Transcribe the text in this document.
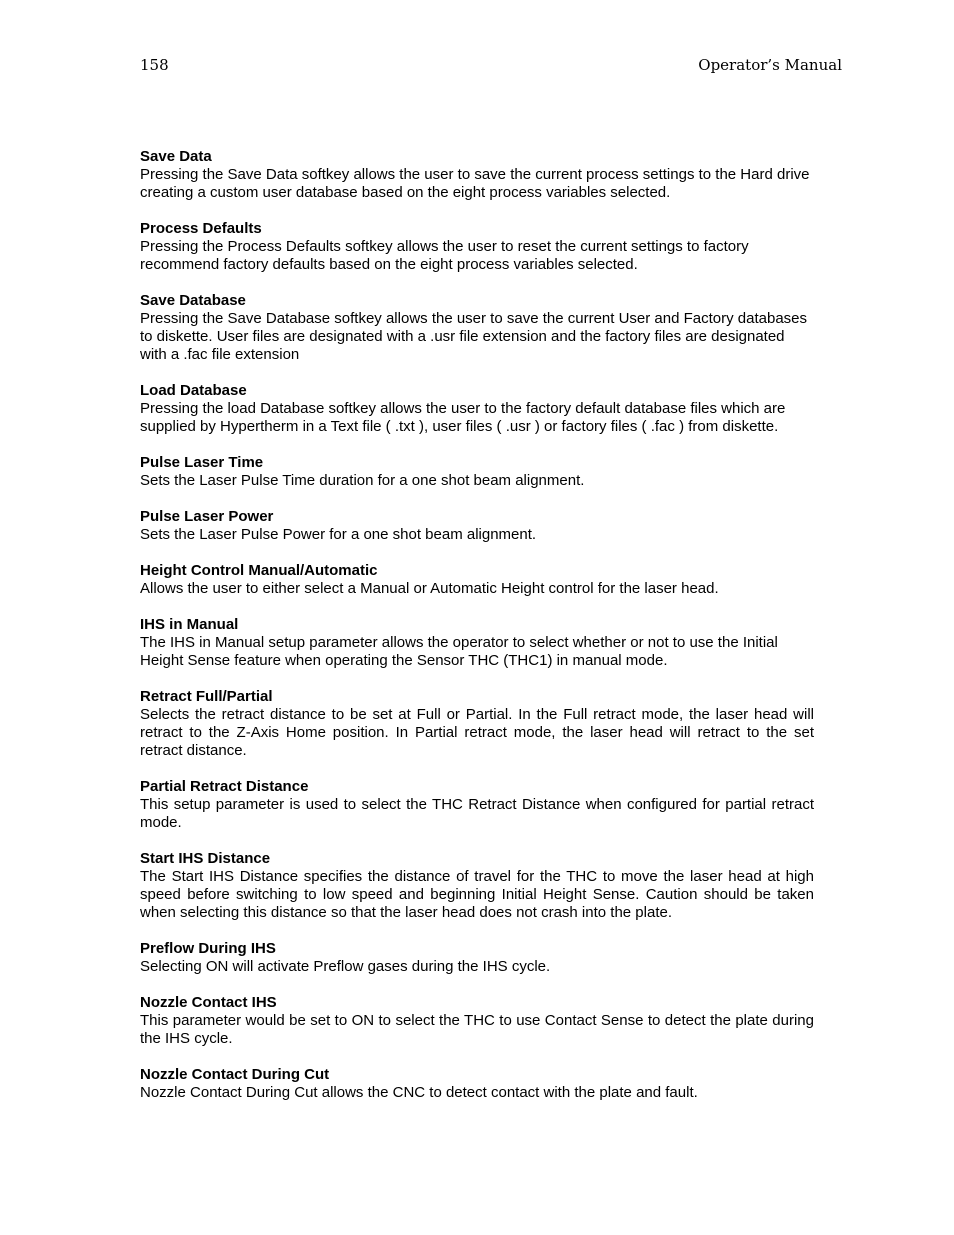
158	Operator’s Manual

Save Data

Pressing the Save Data softkey allows the user to save the current process settings to the Hard drive creating a custom user database based on the eight process variables selected.

Process Defaults

Pressing the Process Defaults softkey allows the user to reset the current settings to factory recommend factory defaults based on the eight process variables selected.

Save Database

Pressing the Save Database softkey allows the user to save the current User and Factory databases to diskette. User files are designated with a .usr file extension and the factory files are designated with a .fac file extension

Load Database

Pressing the load Database softkey allows the user to the factory default database files which are supplied by Hypertherm in a Text file ( .txt ), user files ( .usr ) or factory files ( .fac ) from diskette.

Pulse Laser Time

Sets the Laser Pulse Time duration for a one shot beam alignment.

Pulse Laser Power

Sets the Laser Pulse Power for a one shot beam alignment.

Height Control Manual/Automatic

Allows the user to either select a Manual or Automatic Height control for the laser head.

IHS in Manual

The IHS in Manual setup parameter allows the operator to select whether or not to use the Initial Height Sense feature when operating the Sensor THC (THC1) in manual mode.

Retract Full/Partial

Selects the retract distance to be set at Full or Partial. In the Full retract mode, the laser head will retract to the Z-Axis Home position. In Partial retract mode, the laser head will retract to the set retract distance.

Partial Retract Distance

This setup parameter is used to select the THC Retract Distance when configured for partial retract mode.

Start IHS Distance

The Start IHS Distance specifies the distance of travel for the THC to move the laser head at high speed before switching to low speed and beginning Initial Height Sense. Caution should be taken when selecting this distance so that the laser head does not crash into the plate.

Preflow During IHS

Selecting ON will activate Preflow gases during the IHS cycle.

Nozzle Contact IHS

This parameter would be set to ON to select the THC to use Contact Sense to detect the plate during the IHS cycle.

Nozzle Contact During Cut

Nozzle Contact During Cut allows the CNC to detect contact with the plate and fault.
